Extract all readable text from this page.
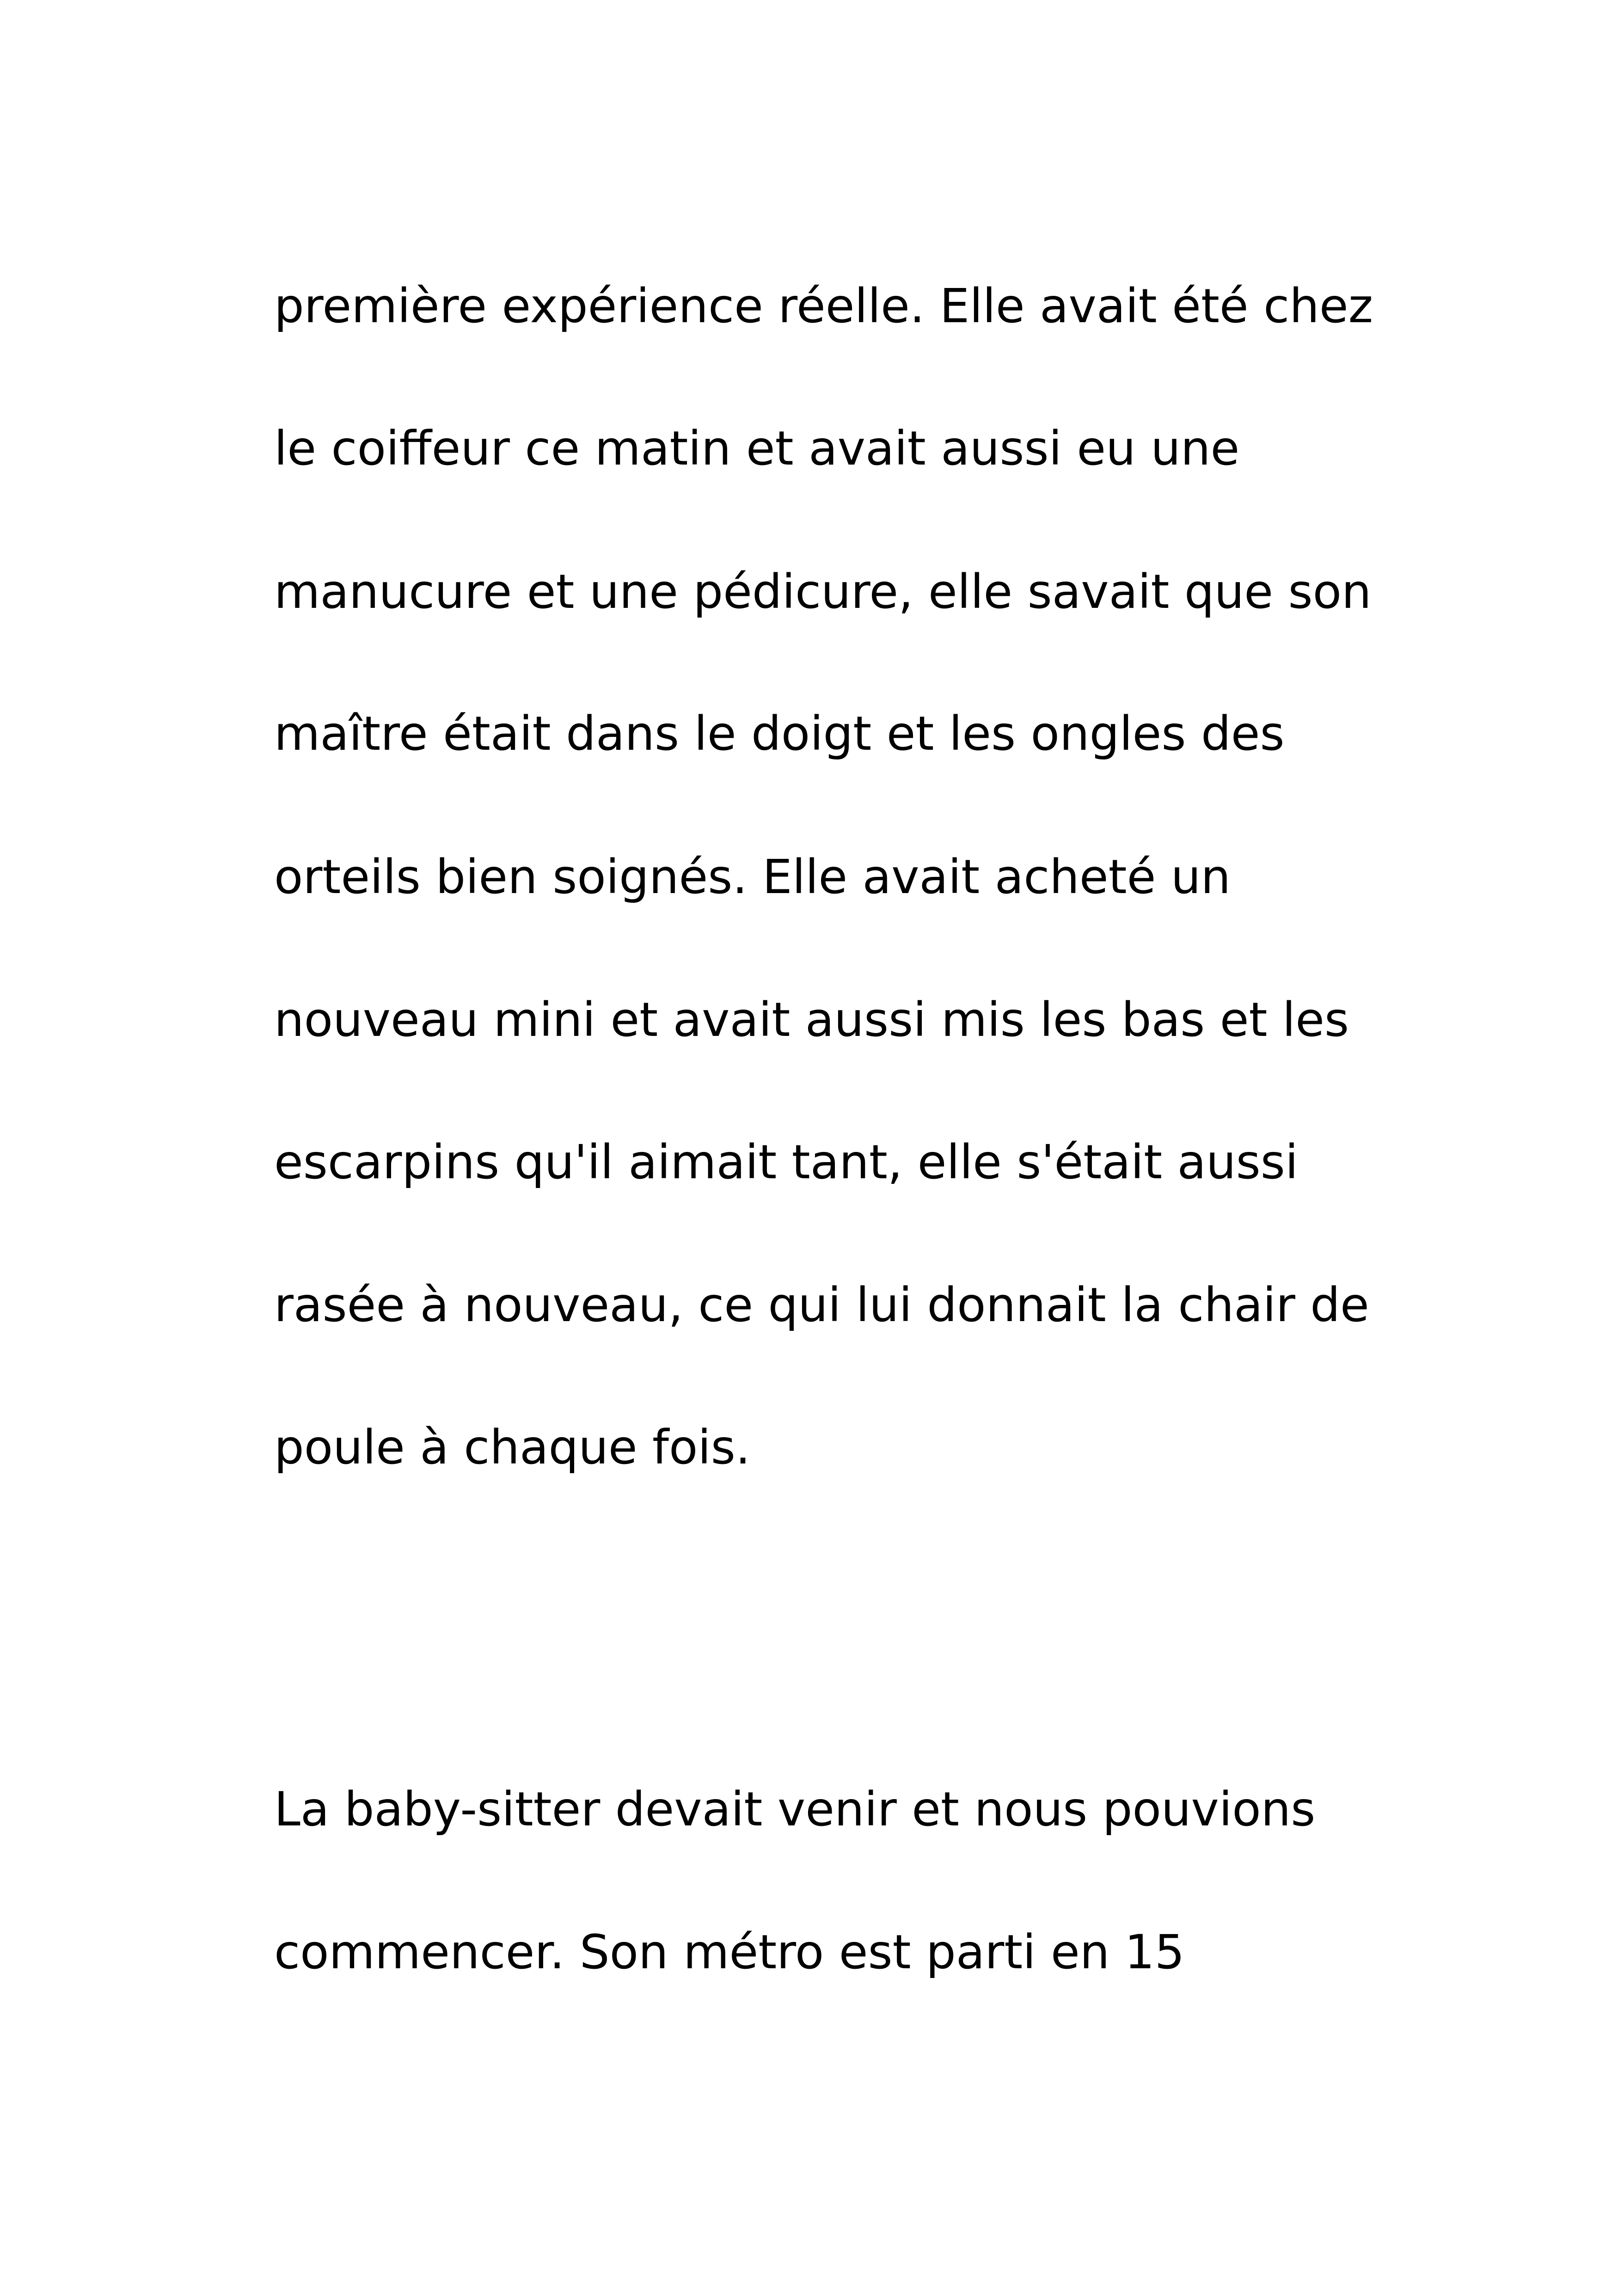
première expérience réelle. Elle avait été chez
le coiffeur ce matin et avait aussi eu une
manucure et une pédicure, elle savait que son
maître était dans le doigt et les ongles des
orteils bien soignés. Elle avait acheté un
nouveau mini et avait aussi mis les bas et les
escarpins qu'il aimait tant, elle s'était aussi
rasée à nouveau, ce qui lui donnait la chair de
poule à chaque fois.
La baby-sitter devait venir et nous pouvions
commencer. Son métro est parti en 15
